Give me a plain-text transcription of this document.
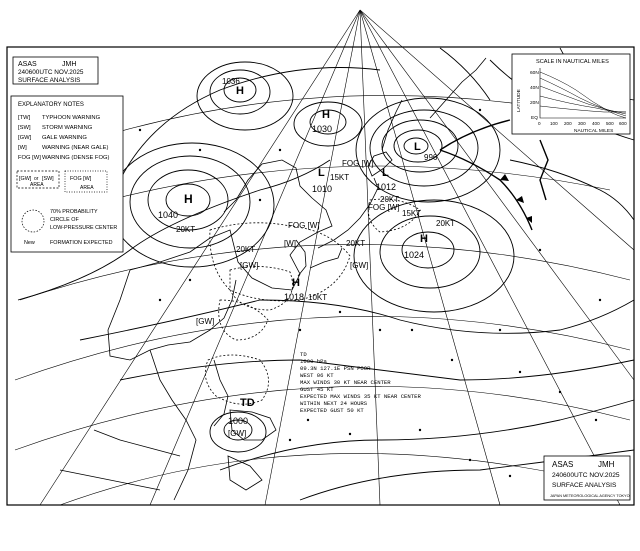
H
1040
20KT
H
1030
H
1024
20KT
H
1018 10KT
L
1012
20KT
L
1010
15KT
L
996
H
1036
20KT
20KT
15KT
FOG [W]
FOG [W]
FOG [W]
[W]
[GW]
[GW]
[GW]
TD
1000
[GW]
TD
1000 hPa
09.3N 127.1E PSN POOR
WEST 06 KT
MAX WINDS 30 KT NEAR CENTER
GUST 45 KT
EXPECTED MAX WINDS 35 KT NEAR CENTER
WITHIN NEXT 24 HOURS
EXPECTED GUST 50 KT
ASAS	JMH
240600UTC NOV.2025
SURFACE ANALYSIS
EXPLANATORY NOTES
[TW] TYPHOON WARNING
[SW] STORM WARNING
[GW] GALE WARNING
[W]	WARNING (NEAR GALE)
FOG [W] WARNING (DENSE FOG)
[GW] or [SW]
AREA
FOG [W]
AREA
70% PROBABILITY
CIRCLE OF
LOW-PRESSURE CENTER
New	FORMATION EXPECTED
SCALE IN NAUTICAL MILES
LATITUDE
60N
40N
20N
EQ
0 100 200 300 400 500 600
NAUTICAL MILES
ASAS	JMH
240600UTC NOV.2025
SURFACE ANALYSIS
JAPAN METEOROLOGICAL AGENCY TOKYO
